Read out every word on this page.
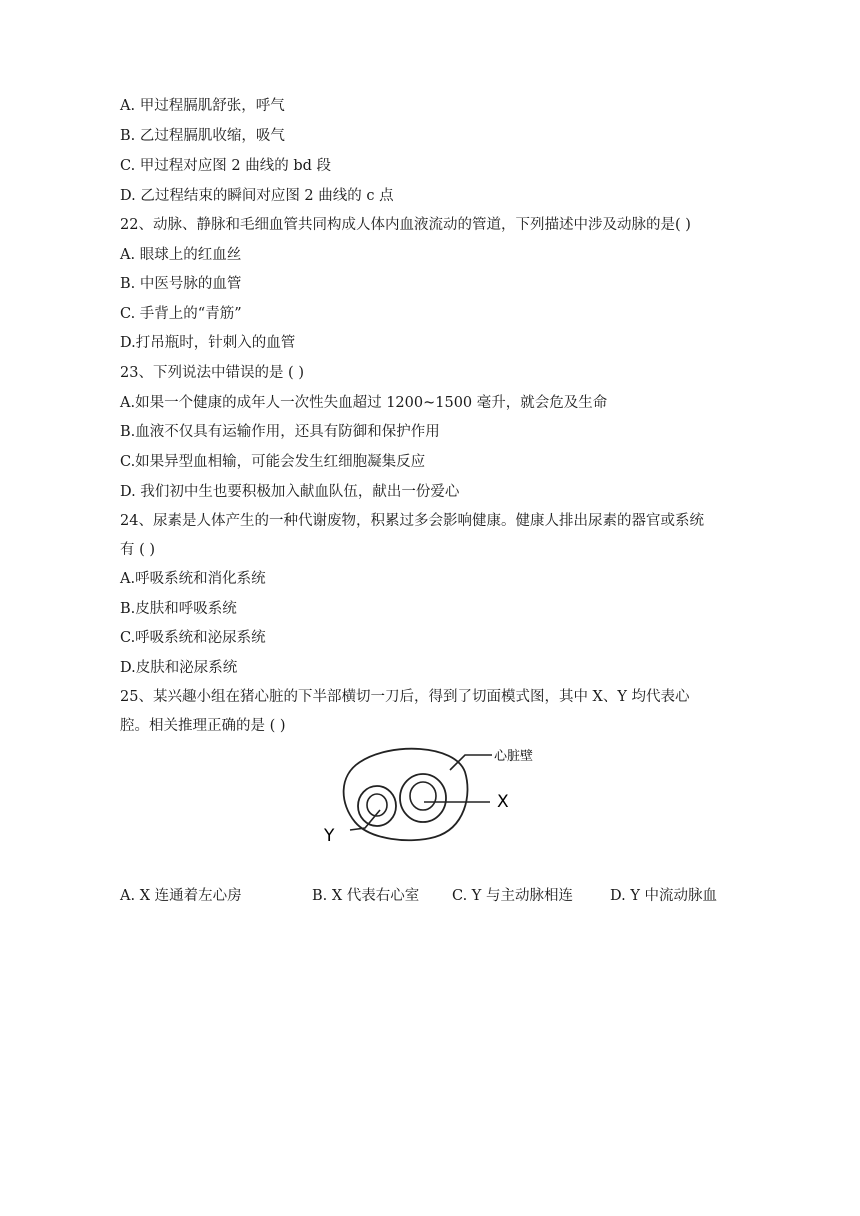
A. 甲过程膈肌舒张，呼气
B. 乙过程膈肌收缩，吸气
C. 甲过程对应图 2 曲线的 bd 段
D. 乙过程结束的瞬间对应图 2 曲线的 c 点
22、动脉、静脉和毛细血管共同构成人体内血液流动的管道，下列描述中涉及动脉的是( )
A. 眼球上的红血丝
B. 中医号脉的血管
C. 手背上的“青筋”
D.打吊瓶时，针刺入的血管
23、下列说法中错误的是 ( )
A.如果一个健康的成年人一次性失血超过 1200~1500 毫升，就会危及生命
B.血液不仅具有运输作用，还具有防御和保护作用
C.如果异型血相输，可能会发生红细胞凝集反应
D. 我们初中生也要积极加入献血队伍，献出一份爱心
24、尿素是人体产生的一种代谢废物，积累过多会影响健康。健康人排出尿素的器官或系统
有 ( )
A.呼吸系统和消化系统
B.皮肤和呼吸系统
C.呼吸系统和泌尿系统
D.皮肤和泌尿系统
25、某兴趣小组在猪心脏的下半部横切一刀后，得到了切面模式图，其中 X、Y 均代表心
腔。相关推理正确的是 ( )
心脏壁
X
Y
A. X 连通着左心房	B. X 代表右心室 C. Y 与主动脉相连	D. Y 中流动脉血
